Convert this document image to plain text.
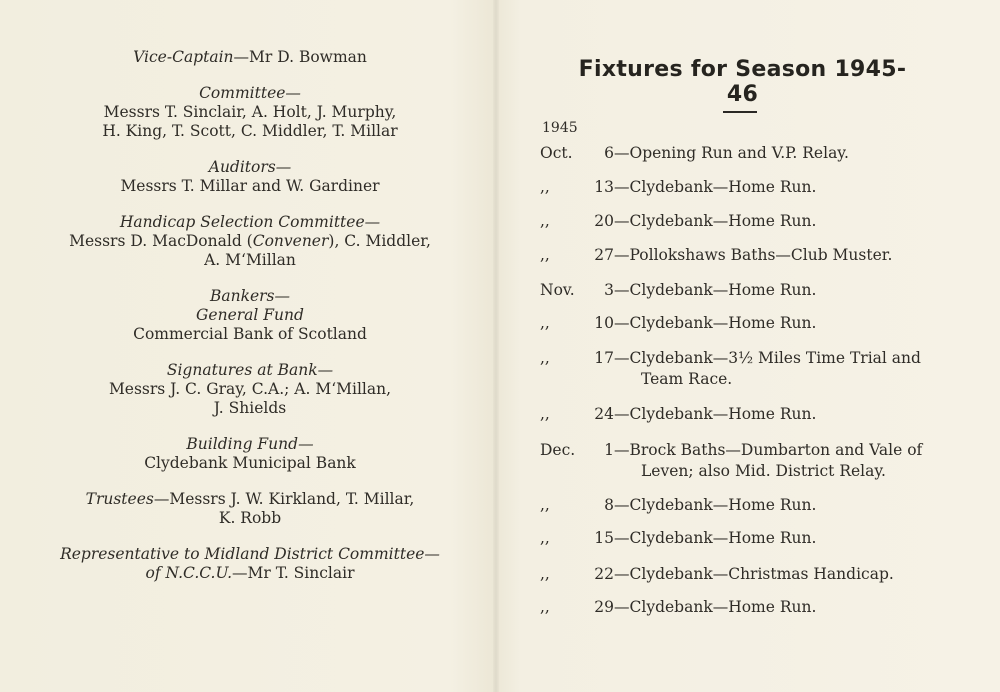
Vice-Captain—Mr D. Bowman

Committee—

Messrs T. Sinclair, A. Holt, J. Murphy,

H. King, T. Scott, C. Middler, T. Millar

Auditors—

Messrs T. Millar and W. Gardiner

Handicap Selection Committee—

Messrs D. MacDonald (Convener), C. Middler,

A. M‘Millan

Bankers—

General Fund

Commercial Bank of Scotland

Signatures at Bank—

Messrs J. C. Gray, C.A.; A. M‘Millan,

J. Shields

Building Fund—

Clydebank Municipal Bank

Trustees—Messrs J. W. Kirkland, T. Millar,

K. Robb

Representative to Midland District Committee—

of N.C.C.U.—Mr T. Sinclair

Fixtures for Season 1945-46
1945
Oct. 6—Opening Run and V.P. Relay.
,,	13—Clydebank—Home Run.
,,	20—Clydebank—Home Run.
,,	27—Pollokshaws Baths—Club Muster.
Nov. 3—Clydebank—Home Run.
,,	10—Clydebank—Home Run.
,,	17—Clydebank—3½ Miles Time Trial and
Team Race.
,,	24—Clydebank—Home Run.
Dec. 1—Brock Baths—Dumbarton and Vale of
Leven; also Mid. District Relay.
,,	8—Clydebank—Home Run.
,,	15—Clydebank—Home Run.
,,	22—Clydebank—Christmas Handicap.
,,	29—Clydebank—Home Run.
